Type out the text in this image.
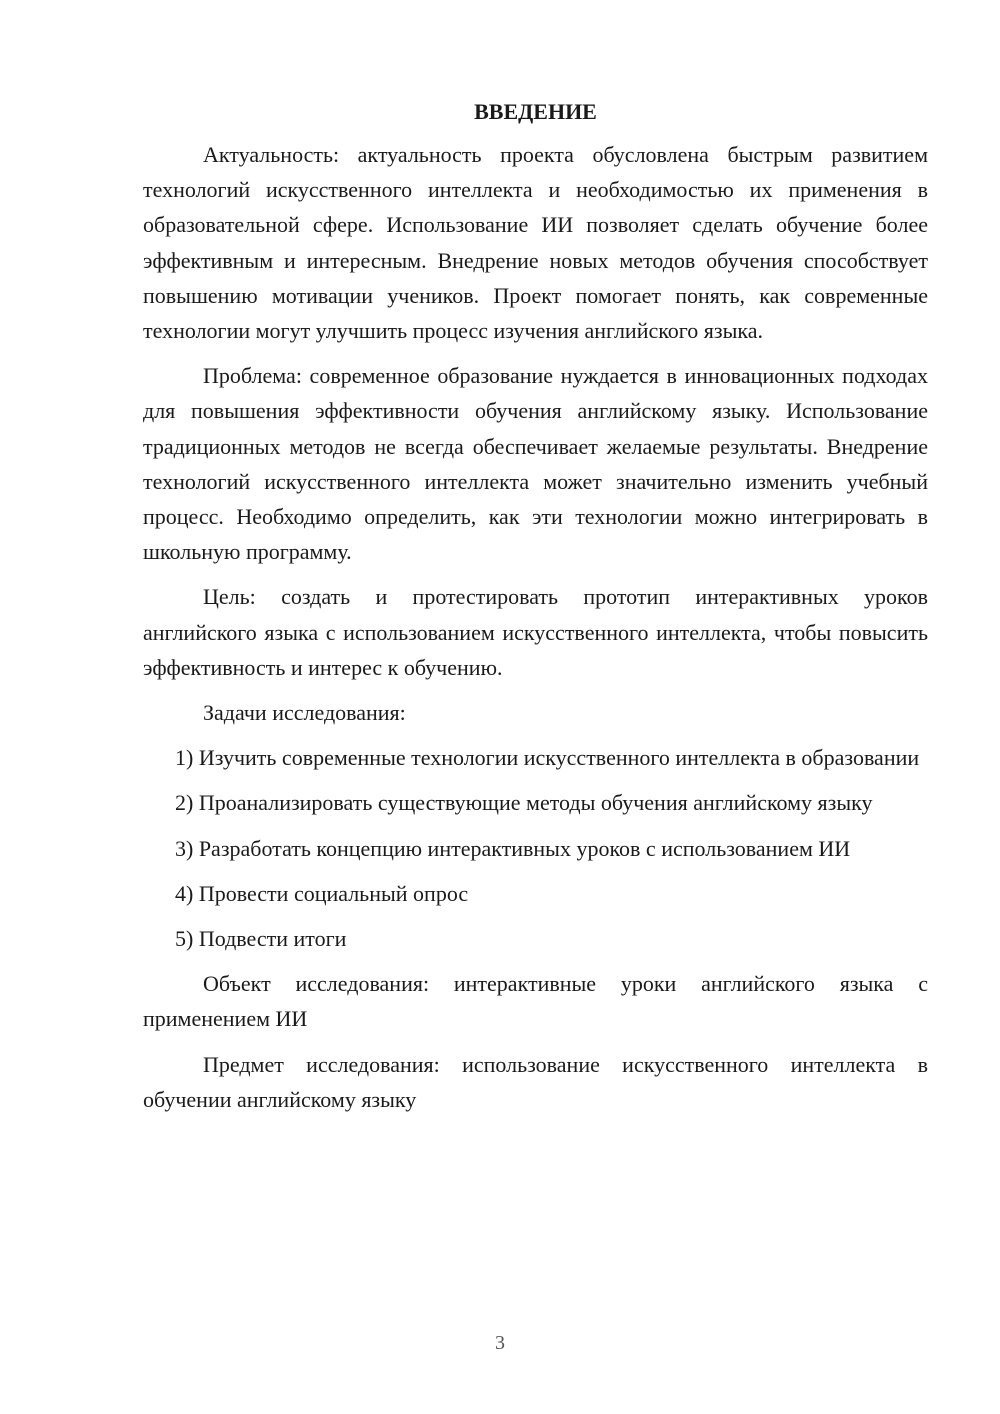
ВВЕДЕНИЕ

Актуальность: актуальность проекта обусловлена быстрым развитием технологий искусственного интеллекта и необходимостью их применения в образовательной сфере. Использование ИИ позволяет сделать обучение более эффективным и интересным. Внедрение новых методов обучения способствует повышению мотивации учеников. Проект помогает понять, как современные технологии могут улучшить процесс изучения английского языка.

Проблема: современное образование нуждается в инновационных подходах для повышения эффективности обучения английскому языку. Использование традиционных методов не всегда обеспечивает желаемые результаты. Внедрение технологий искусственного интеллекта может значительно изменить учебный процесс. Необходимо определить, как эти технологии можно интегрировать в школьную программу.

Цель: создать и протестировать прототип интерактивных уроков английского языка с использованием искусственного интеллекта, чтобы повысить эффективность и интерес к обучению.

Задачи исследования:

1) Изучить современные технологии искусственного интеллекта в образовании

2) Проанализировать существующие методы обучения английскому языку

3) Разработать концепцию интерактивных уроков с использованием ИИ

4) Провести социальный опрос

5) Подвести итоги

Объект исследования: интерактивные уроки английского языка с применением ИИ

Предмет исследования: использование искусственного интеллекта в обучении английскому языку

3
